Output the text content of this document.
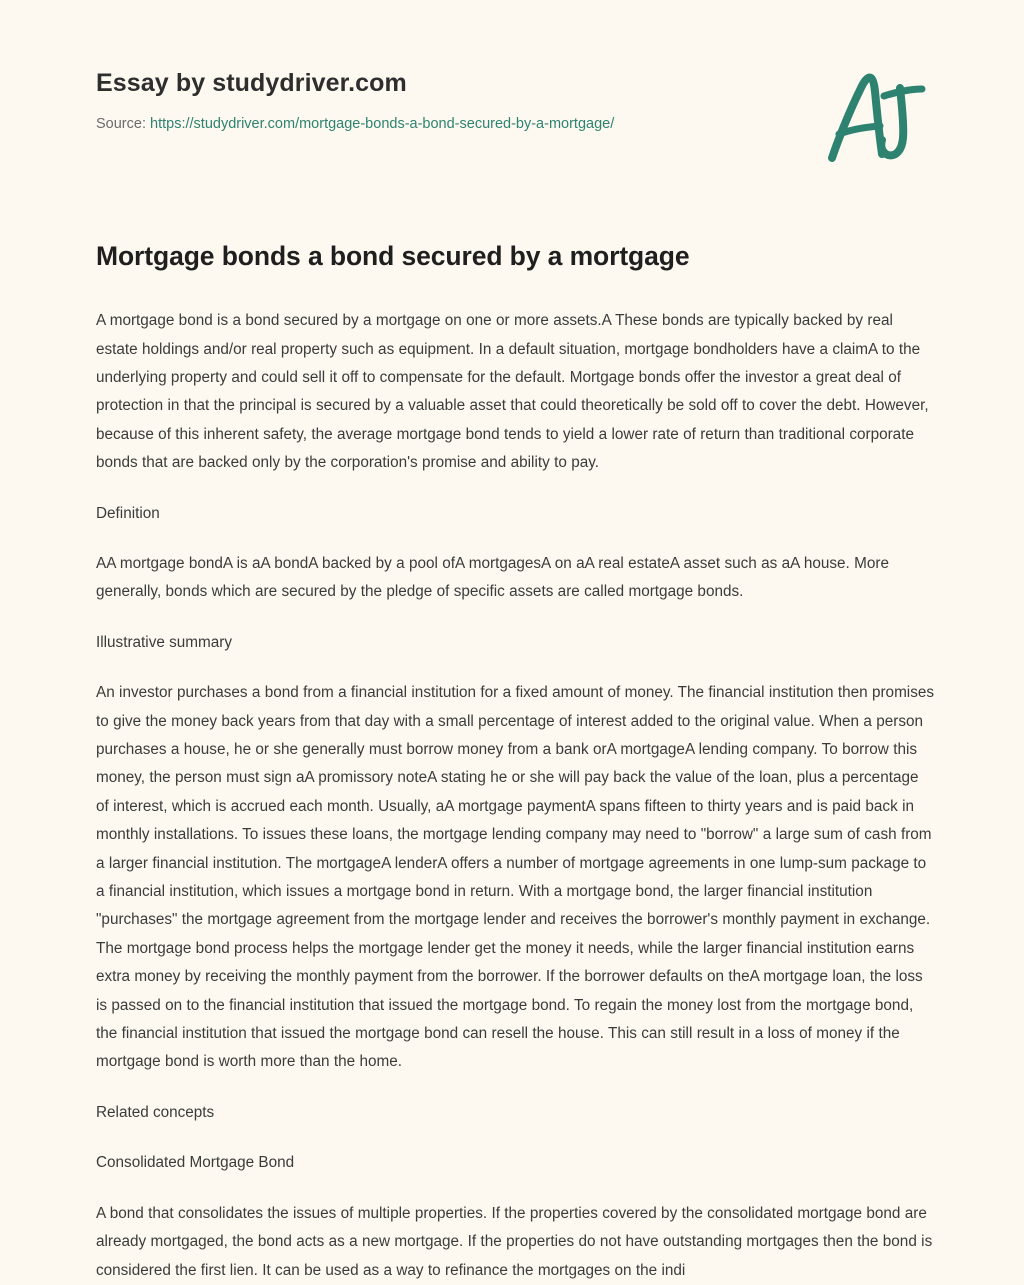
Essay by studydriver.com
Source: https://studydriver.com/mortgage-bonds-a-bond-secured-by-a-mortgage/
Mortgage bonds a bond secured by a mortgage

A mortgage bond is a bond secured by a mortgage on one or more assets.A These bonds are typically backed by real estate holdings and/or real property such as equipment. In a default situation, mortgage bondholders have a claimA to the underlying property and could sell it off to compensate for the default. Mortgage bonds offer the investor a great deal of protection in that the principal is secured by a valuable asset that could theoretically be sold off to cover the debt. However, because of this inherent safety, the average mortgage bond tends to yield a lower rate of return than traditional corporate bonds that are backed only by the corporation's promise and ability to pay.

Definition

AA mortgage bondA is aA bondA backed by a pool ofA mortgagesA on aA real estateA asset such as aA house. More generally, bonds which are secured by the pledge of specific assets are called mortgage bonds.

Illustrative summary

An investor purchases a bond from a financial institution for a fixed amount of money. The financial institution then promises to give the money back years from that day with a small percentage of interest added to the original value. When a person purchases a house, he or she generally must borrow money from a bank orA mortgageA lending company. To borrow this money, the person must sign aA promissory noteA stating he or she will pay back the value of the loan, plus a percentage of interest, which is accrued each month. Usually, aA mortgage paymentA spans fifteen to thirty years and is paid back in monthly installations. To issues these loans, the mortgage lending company may need to "borrow" a large sum of cash from a larger financial institution. The mortgageA lenderA offers a number of mortgage agreements in one lump-sum package to a financial institution, which issues a mortgage bond in return. With a mortgage bond, the larger financial institution "purchases" the mortgage agreement from the mortgage lender and receives the borrower's monthly payment in exchange. The mortgage bond process helps the mortgage lender get the money it needs, while the larger financial institution earns extra money by receiving the monthly payment from the borrower. If the borrower defaults on theA mortgage loan, the loss is passed on to the financial institution that issued the mortgage bond. To regain the money lost from the mortgage bond, the financial institution that issued the mortgage bond can resell the house. This can still result in a loss of money if the mortgage bond is worth more than the home.

Related concepts

Consolidated Mortgage Bond

A bond that consolidates the issues of multiple properties. If the properties covered by the consolidated mortgage bond are already mortgaged, the bond acts as a new mortgage. If the properties do not have outstanding mortgages then the bond is considered the first lien. It can be used as a way to refinance the mortgages on the indi
